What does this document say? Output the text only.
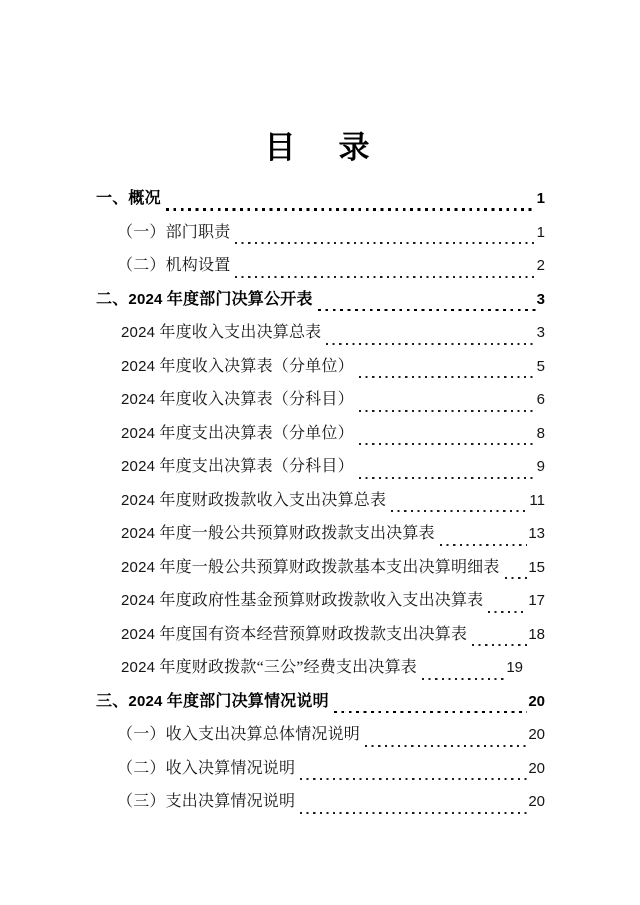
目　录
一、概况	1
（一）部门职责	1
（二）机构设置	2
二、2024 年度部门决算公开表	3
2024 年度收入支出决算总表	3
2024 年度收入决算表（分单位）	5
2024 年度收入决算表（分科目）	6
2024 年度支出决算表（分单位）	8
2024 年度支出决算表（分科目）	9
2024 年度财政拨款收入支出决算总表	11
2024 年度一般公共预算财政拨款支出决算表	13
2024 年度一般公共预算财政拨款基本支出决算明细表 15
2024 年度政府性基金预算财政拨款收入支出决算表	17
2024 年度国有资本经营预算财政拨款支出决算表	18
2024 年度财政拨款“三公”经费支出决算表	19
三、2024 年度部门决算情况说明	20
（一）收入支出决算总体情况说明	20
（二）收入决算情况说明	20
（三）支出决算情况说明	20
